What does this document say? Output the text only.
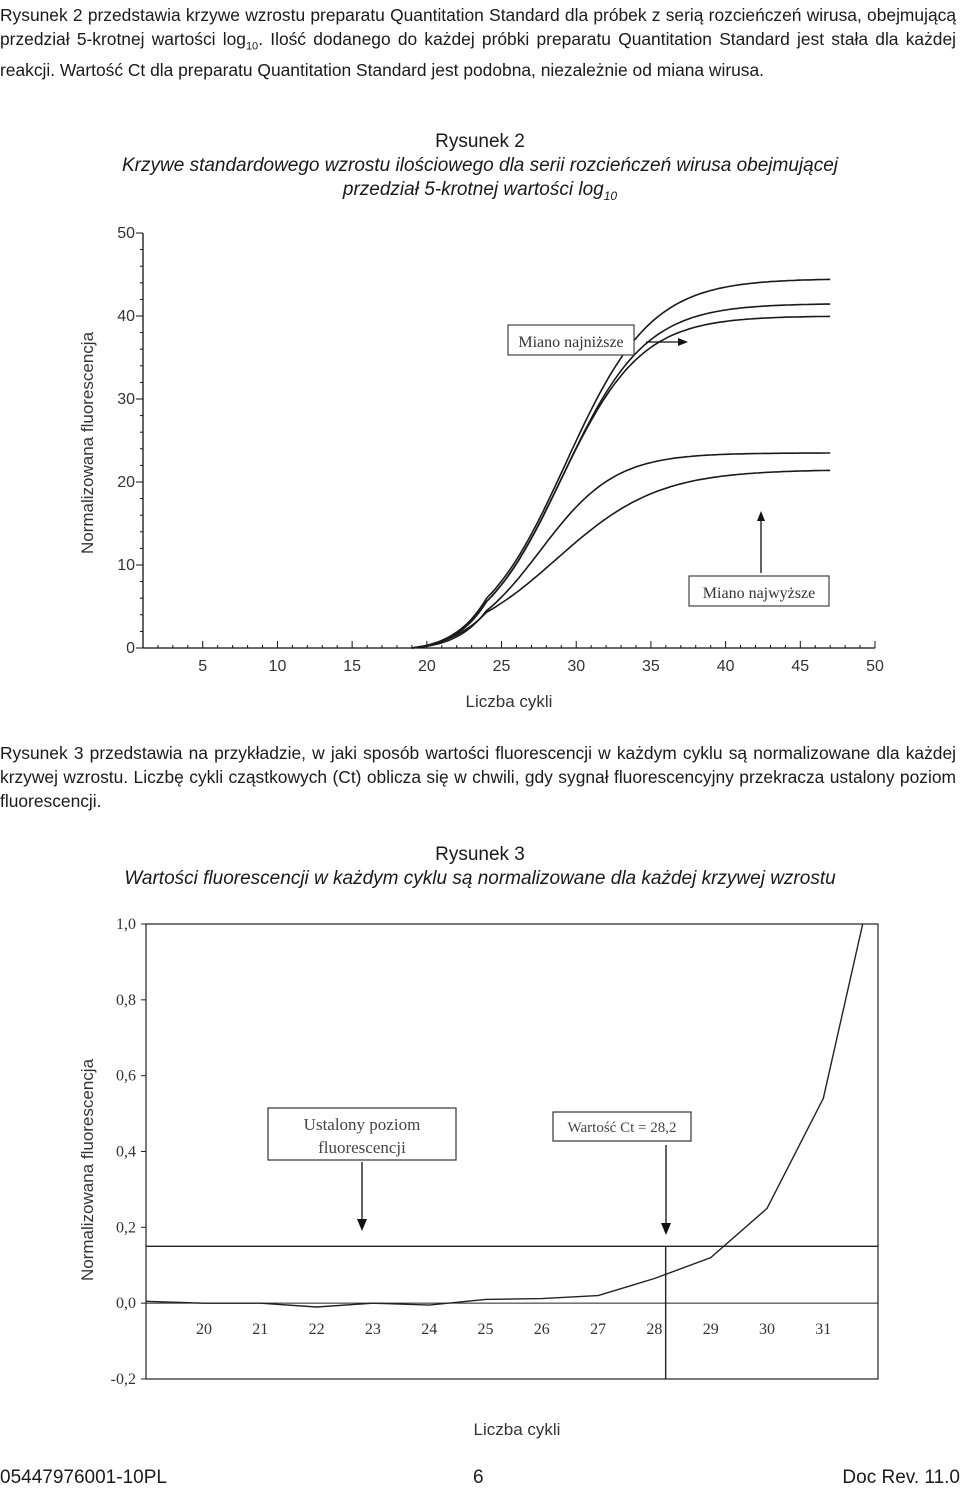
Rysunek 2 przedstawia krzywe wzrostu preparatu Quantitation Standard dla próbek z serią rozcieńczeń wirusa, obejmującą przedział 5-krotnej wartości $\log_{10}$. Ilość dodanego do każdej próbki preparatu Quantitation Standard jest stała dla każdej reakcji. Wartość Ct dla preparatu Quantitation Standard jest podobna, niezależnie od miana wirusa.

Rysunek 2
Krzywe standardowego wzrostu ilościowego dla serii rozcieńczeń wirusa obejmującej
przedział 5-krotnej wartości $\log_{10}$
0
10
20
30
40
50
5	10	15	20	25	30	35	40	45	50
Liczba cykli
Normalizowana fluorescencja	Miano najniższe
Miano najwyższe

Rysunek 3 przedstawia na przykładzie, w jaki sposób wartości fluorescencji w każdym cyklu są normalizowane dla każdej krzywej wzrostu. Liczbę cykli cząstkowych (Ct) oblicza się w chwili, gdy sygnał fluorescencyjny przekracza ustalony poziom fluorescencji.

Rysunek 3
Wartości fluorescencji w każdym cyklu są normalizowane dla każdej krzywej wzrostu
-0,2
0,0
0,2
0,4
0,6
0,8
1,0
20	21	22	23	24	25	26	27	28	29	30	31
Liczba cykli
Normalizowana fluorescencja	Ustalony poziom
fluorescencji
Wartość Ct = 28,2
05447976001-10PL	6	Doc Rev. 11.0
